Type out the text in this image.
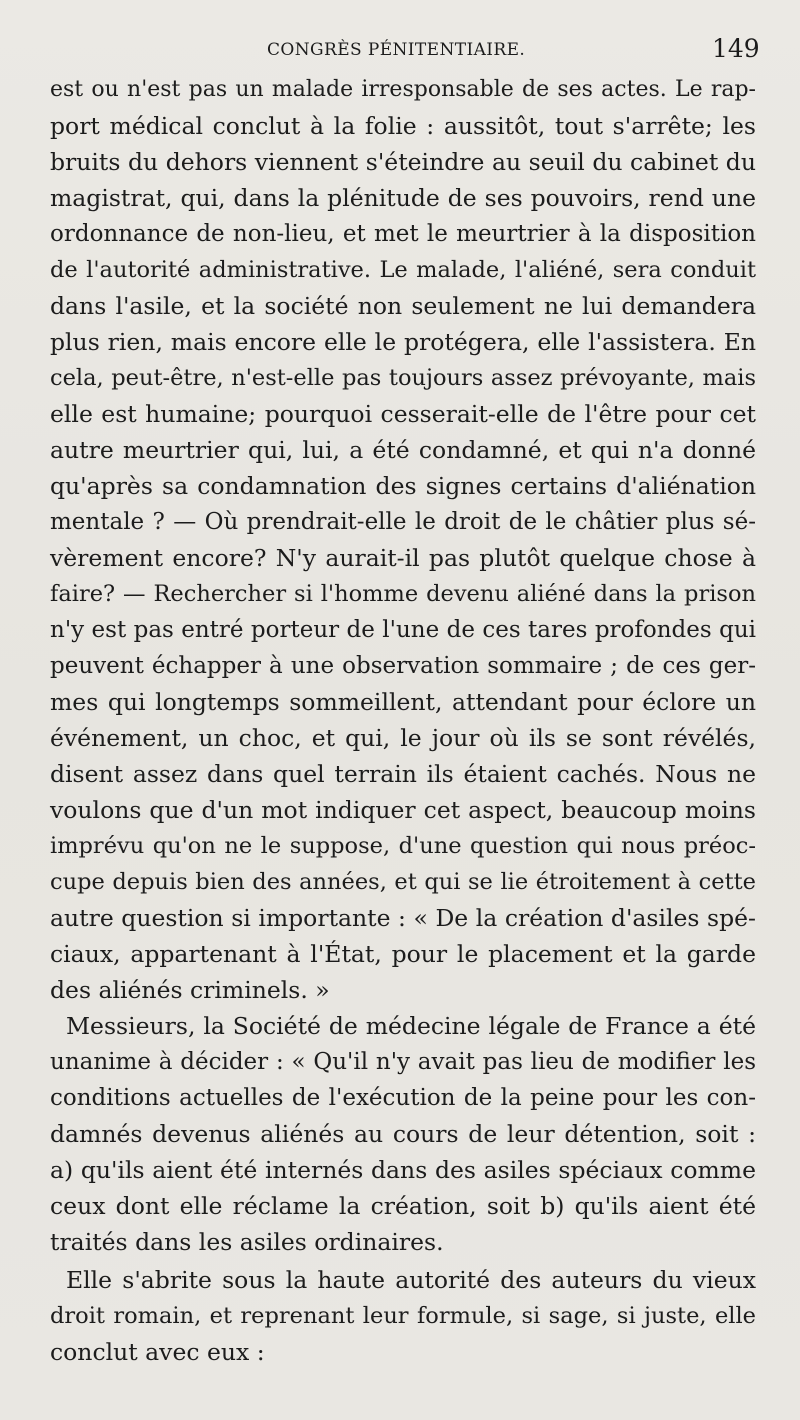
CONGRÈS PÉNITENTIAIRE.	149
est ou n'est pas un malade irresponsable de ses actes. Le rap-
port médical conclut à la folie : aussitôt, tout s'arrête; les
bruits du dehors viennent s'éteindre au seuil du cabinet du
magistrat, qui, dans la plénitude de ses pouvoirs, rend une
ordonnance de non-lieu, et met le meurtrier à la disposition
de l'autorité administrative. Le malade, l'aliéné, sera conduit
dans l'asile, et la société non seulement ne lui demandera
plus rien, mais encore elle le protégera, elle l'assistera. En
cela, peut-être, n'est-elle pas toujours assez prévoyante, mais
elle est humaine; pourquoi cesserait-elle de l'être pour cet
autre meurtrier qui, lui, a été condamné, et qui n'a donné
qu'après sa condamnation des signes certains d'aliénation
mentale ? — Où prendrait-elle le droit de le châtier plus sé-
vèrement encore? N'y aurait-il pas plutôt quelque chose à
faire? — Rechercher si l'homme devenu aliéné dans la prison
n'y est pas entré porteur de l'une de ces tares profondes qui
peuvent échapper à une observation sommaire ; de ces ger-
mes qui longtemps sommeillent, attendant pour éclore un
événement, un choc, et qui, le jour où ils se sont révélés,
disent assez dans quel terrain ils étaient cachés. Nous ne
voulons que d'un mot indiquer cet aspect, beaucoup moins
imprévu qu'on ne le suppose, d'une question qui nous préoc-
cupe depuis bien des années, et qui se lie étroitement à cette
autre question si importante : « De la création d'asiles spé-
ciaux, appartenant à l'État, pour le placement et la garde
des aliénés criminels. »
Messieurs, la Société de médecine légale de France a été
unanime à décider : « Qu'il n'y avait pas lieu de modifier les
conditions actuelles de l'exécution de la peine pour les con-
damnés devenus aliénés au cours de leur détention, soit :
a) qu'ils aient été internés dans des asiles spéciaux comme
ceux dont elle réclame la création, soit b) qu'ils aient été
traités dans les asiles ordinaires.
Elle s'abrite sous la haute autorité des auteurs du vieux
droit romain, et reprenant leur formule, si sage, si juste, elle
conclut avec eux :
